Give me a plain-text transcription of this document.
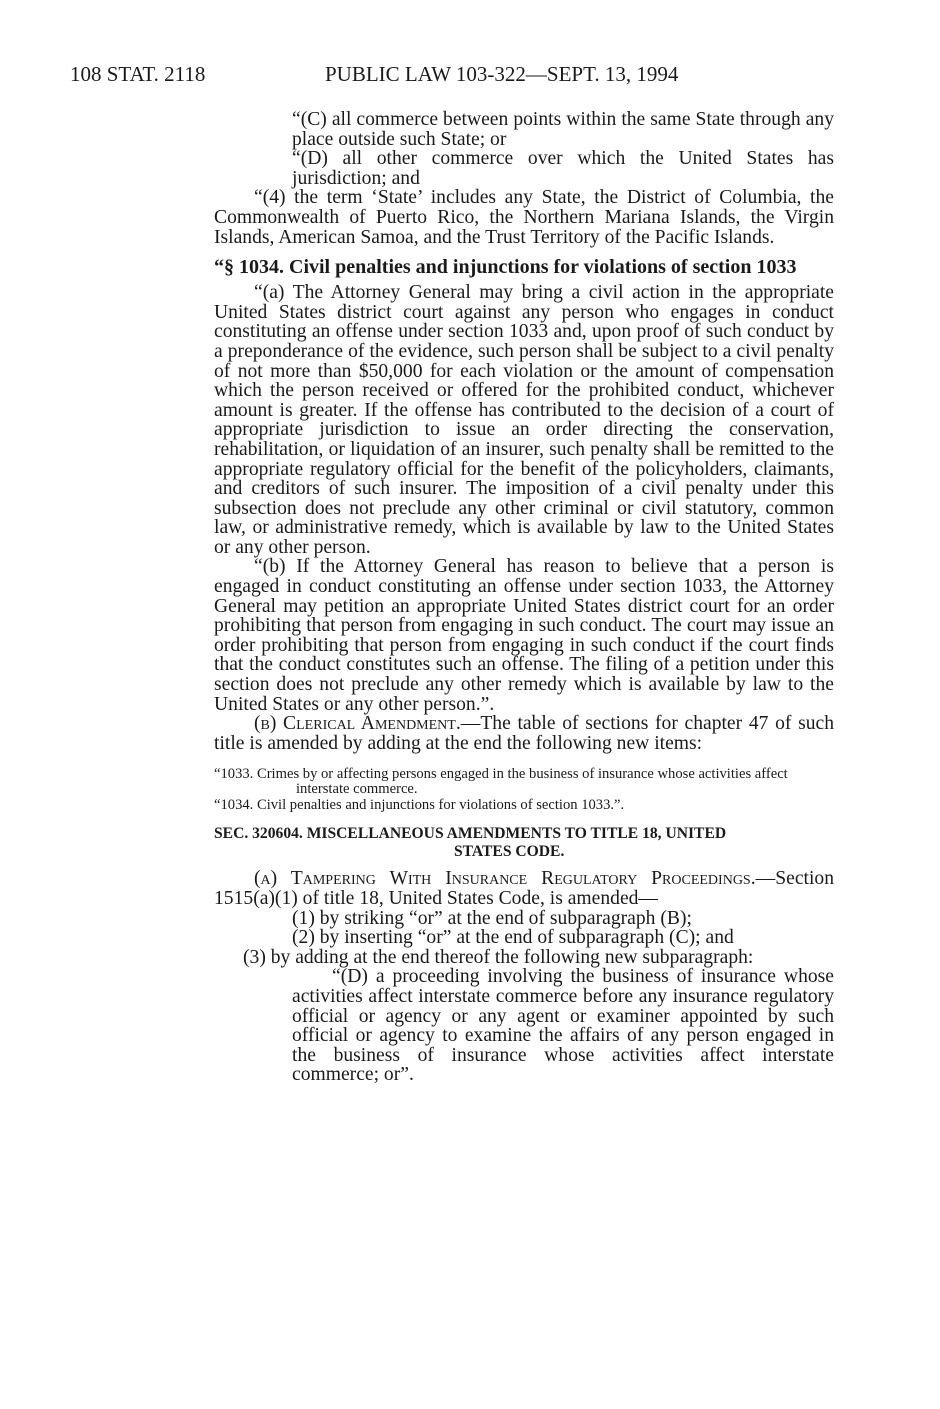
108 STAT. 2118	PUBLIC LAW 103-322—SEPT. 13, 1994

“(C) all commerce between points within the same State through any place outside such State; or

“(D) all other commerce over which the United States has jurisdiction; and

“(4) the term ‘State’ includes any State, the District of Columbia, the Commonwealth of Puerto Rico, the Northern Mariana Islands, the Virgin Islands, American Samoa, and the Trust Territory of the Pacific Islands.

“§ 1034. Civil penalties and injunctions for violations of section 1033

“(a) The Attorney General may bring a civil action in the appropriate United States district court against any person who engages in conduct constituting an offense under section 1033 and, upon proof of such conduct by a preponderance of the evidence, such person shall be subject to a civil penalty of not more than $50,000 for each violation or the amount of compensation which the person received or offered for the prohibited conduct, whichever amount is greater. If the offense has contributed to the decision of a court of appropriate jurisdiction to issue an order directing the conservation, rehabilitation, or liquidation of an insurer, such penalty shall be remitted to the appropriate regulatory official for the benefit of the policyholders, claimants, and creditors of such insurer. The imposition of a civil penalty under this subsection does not preclude any other criminal or civil statutory, common law, or administrative remedy, which is available by law to the United States or any other person.

“(b) If the Attorney General has reason to believe that a person is engaged in conduct constituting an offense under section 1033, the Attorney General may petition an appropriate United States district court for an order prohibiting that person from engaging in such conduct. The court may issue an order prohibiting that person from engaging in such conduct if the court finds that the conduct constitutes such an offense. The filing of a petition under this section does not preclude any other remedy which is available by law to the United States or any other person.”.

(b) Clerical Amendment.—The table of sections for chapter 47 of such title is amended by adding at the end the following new items:

“1033. Crimes by or affecting persons engaged in the business of insurance whose activities affect interstate commerce.

“1034. Civil penalties and injunctions for violations of section 1033.”.

SEC. 320604. MISCELLANEOUS AMENDMENTS TO TITLE 18, UNITED
STATES CODE.

(a) Tampering With Insurance Regulatory Proceedings.—Section 1515(a)(1) of title 18, United States Code, is amended—

(1) by striking “or” at the end of subparagraph (B);

(2) by inserting “or” at the end of subparagraph (C); and

(3) by adding at the end thereof the following new subparagraph:

“(D) a proceeding involving the business of insurance whose activities affect interstate commerce before any insurance regulatory official or agency or any agent or examiner appointed by such official or agency to examine the affairs of any person engaged in the business of insurance whose activities affect interstate commerce; or”.
